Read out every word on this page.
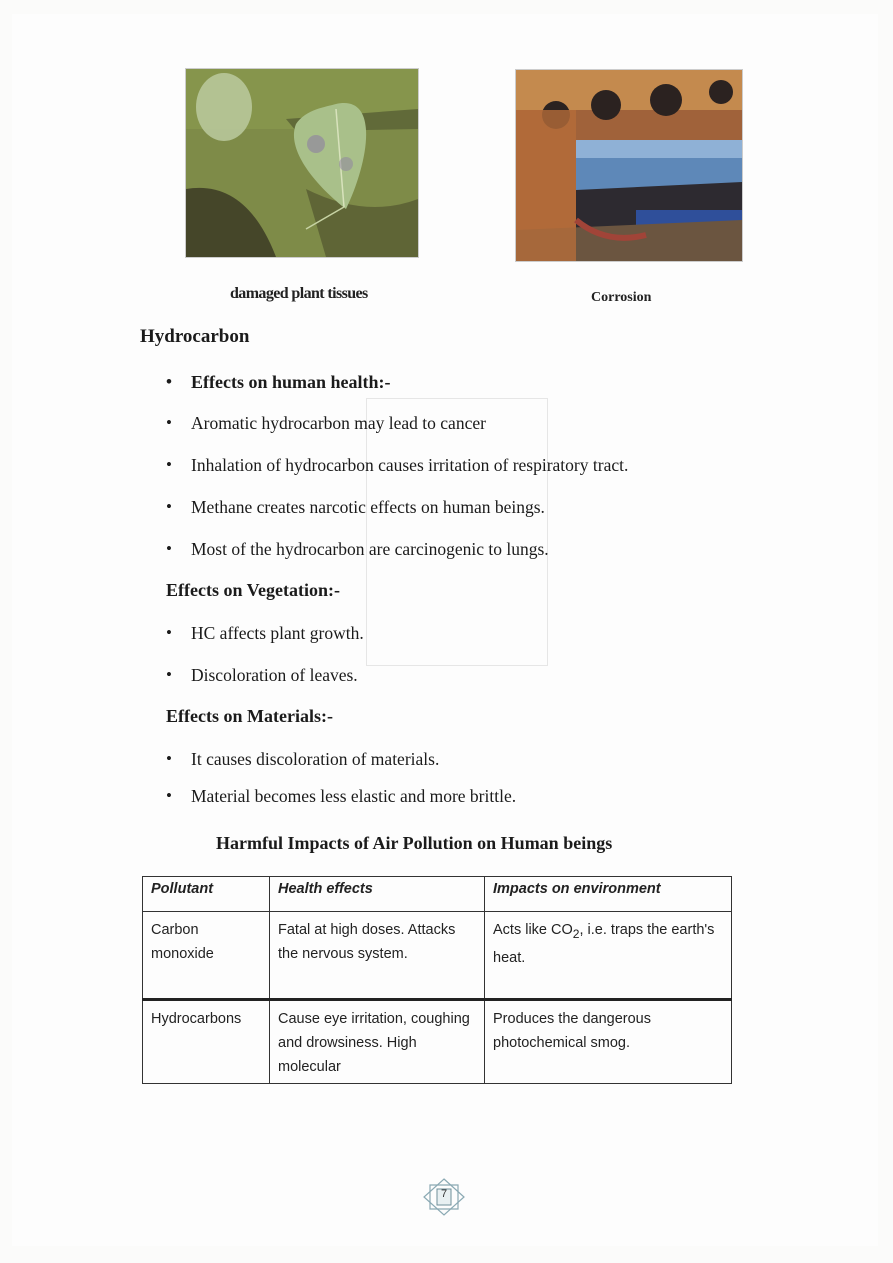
damaged plant tissues	Corrosion
Hydrocarbon
• Effects on human health:-
• Aromatic hydrocarbon may lead to cancer
• Inhalation of hydrocarbon causes irritation of respiratory tract.
• Methane creates narcotic effects on human beings.
• Most of the hydrocarbon are carcinogenic to lungs.
Effects on Vegetation:-
• HC affects plant growth.
• Discoloration of leaves.
Effects on Materials:-
• It causes discoloration of materials.
• Material becomes less elastic and more brittle.
Harmful Impacts of Air Pollution on Human beings
Pollutant	Health effects	Impacts on environment
Carbon monoxide	Fatal at high doses. Attacks the nervous system.	Acts like $CO_2$, i.e. traps the earth's heat.
Hydrocarbons	Cause eye irritation, coughing and drowsiness. High molecular	Produces the dangerous photochemical smog.
7
